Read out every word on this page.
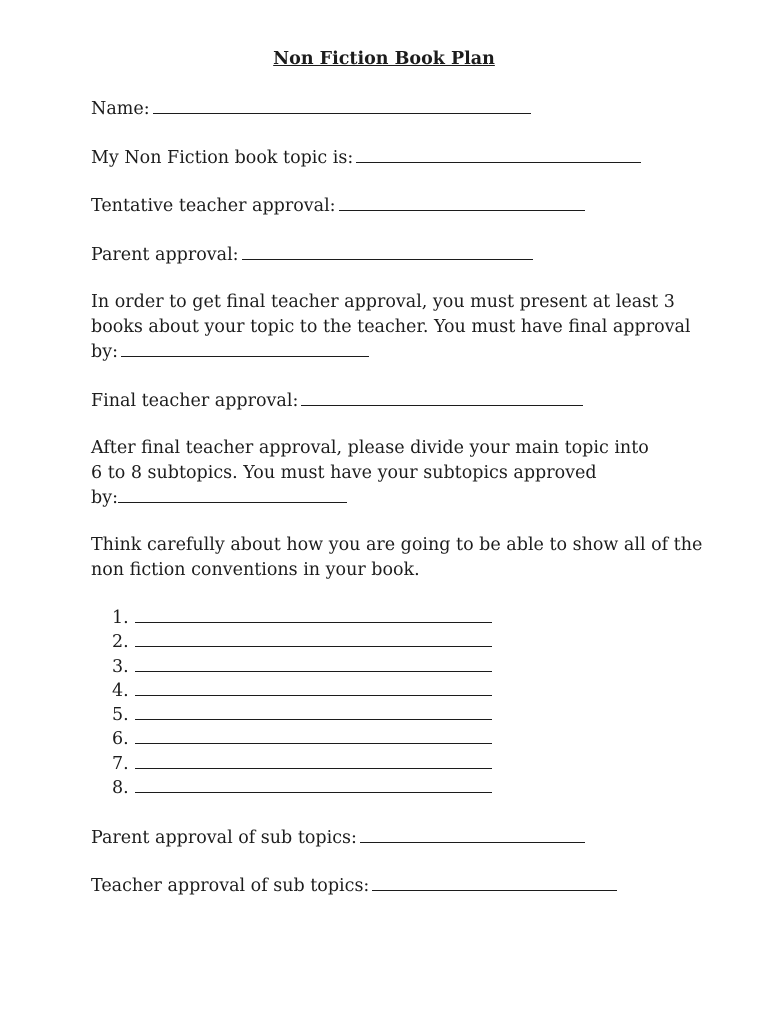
Non Fiction Book Plan
Name:
My Non Fiction book topic is:
Tentative teacher approval:
Parent approval:
In order to get final teacher approval, you must present at least 3
books about your topic to the teacher. You must have final approval
by:
Final teacher approval:
After final teacher approval, please divide your main topic into
6 to 8 subtopics. You must have your subtopics approved
by:
Think carefully about how you are going to be able to show all of the
non fiction conventions in your book.
1.
2.
3.
4.
5.
6.
7.
8.
Parent approval of sub topics:
Teacher approval of sub topics:
